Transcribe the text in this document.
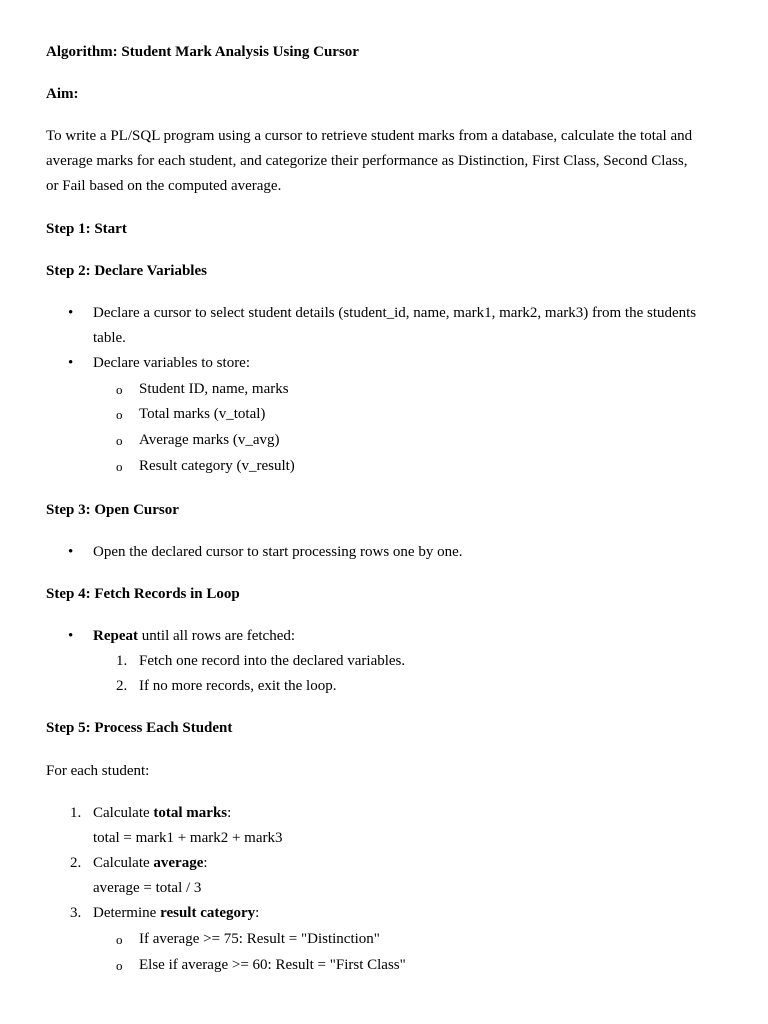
Algorithm: Student Mark Analysis Using Cursor
Aim:
To write a PL/SQL program using a cursor to retrieve student marks from a database, calculate the total and
average marks for each student, and categorize their performance as Distinction, First Class, Second Class,
or Fail based on the computed average.
Step 1: Start
Step 2: Declare Variables
• Declare a cursor to select student details (student_id, name, mark1, mark2, mark3) from the students
table.
• Declare variables to store:
o Student ID, name, marks
o Total marks (v_total)
o Average marks (v_avg)
o Result category (v_result)
Step 3: Open Cursor
• Open the declared cursor to start processing rows one by one.
Step 4: Fetch Records in Loop
• Repeat until all rows are fetched:
1. Fetch one record into the declared variables.
2. If no more records, exit the loop.
Step 5: Process Each Student
For each student:
1. Calculate total marks:
total = mark1 + mark2 + mark3
2. Calculate average:
average = total / 3
3. Determine result category:
o If average >= 75: Result = "Distinction"
o Else if average >= 60: Result = "First Class"
